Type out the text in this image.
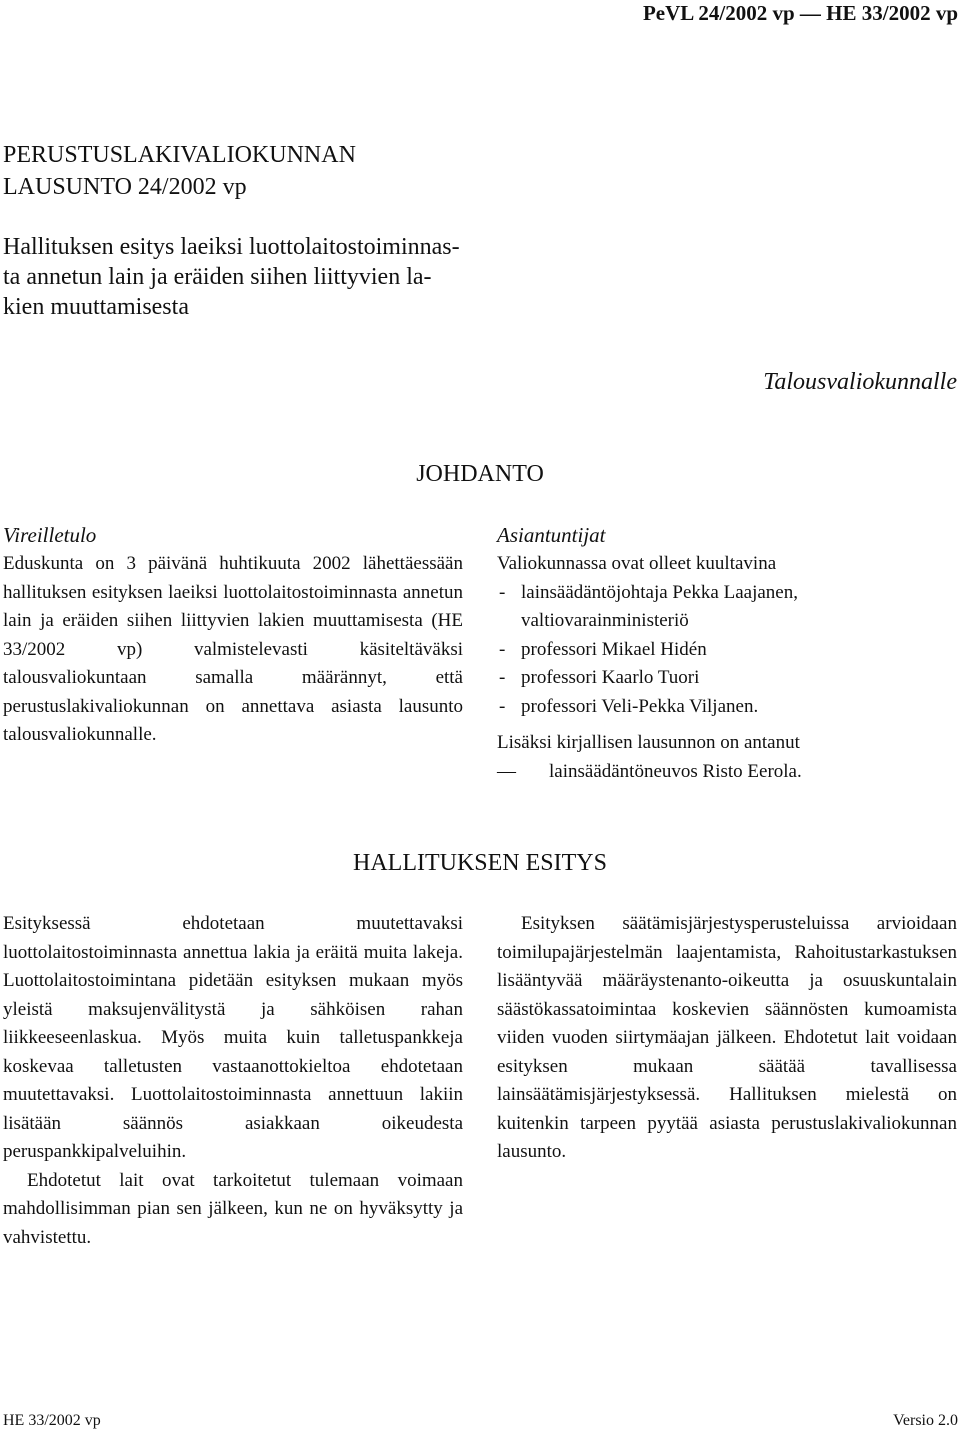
PeVL 24/2002 vp — HE 33/2002 vp
PERUSTUSLAKIVALIOKUNNAN
LAUSUNTO 24/2002 vp
Hallituksen esitys laeiksi luottolaitostoiminnas-
ta annetun lain ja eräiden siihen liittyvien la-
kien muuttamisesta
Talousvaliokunnalle
JOHDANTO

Vireilletulo

Eduskunta on 3 päivänä huhtikuuta 2002 lähettäessään hallituksen esityksen laeiksi luottolaitostoiminnasta annetun lain ja eräiden siihen liittyvien lakien muuttamisesta (HE 33/2002 vp) valmistelevasti käsiteltäväksi talousvaliokuntaan samalla määrännyt, että perustuslakivaliokunnan on annettava asiasta lausunto talousvaliokunnalle.

Asiantuntijat

Valiokunnassa ovat olleet kuultavina

- lainsäädäntöjohtaja Pekka Laajanen, valtiovarainministeriö
- professori Mikael Hidén
- professori Kaarlo Tuori
- professori Veli-Pekka Viljanen.

Lisäksi kirjallisen lausunnon on antanut

—	lainsäädäntöneuvos Risto Eerola.
HALLITUKSEN ESITYS

Esityksessä ehdotetaan muutettavaksi luottolaitostoiminnasta annettua lakia ja eräitä muita lakeja. Luottolaitostoimintana pidetään esityksen mukaan myös yleistä maksujenvälitystä ja sähköisen rahan liikkeeseenlaskua. Myös muita kuin talletuspankkeja koskevaa talletusten vastaanottokieltoa ehdotetaan muutettavaksi. Luottolaitostoiminnasta annettuun lakiin lisätään säännös asiakkaan oikeudesta peruspankkipalveluihin.

Ehdotetut lait ovat tarkoitetut tulemaan voimaan mahdollisimman pian sen jälkeen, kun ne on hyväksytty ja vahvistettu.

Esityksen säätämisjärjestysperusteluissa arvioidaan toimilupajärjestelmän laajentamista, Rahoitustarkastuksen lisääntyvää määräystenanto-oikeutta ja osuuskuntalain säästökassatoimintaa koskevien säännösten kumoamista viiden vuoden siirtymäajan jälkeen. Ehdotetut lait voidaan esityksen mukaan säätää tavallisessa lainsäätämisjärjestyksessä. Hallituksen mielestä on kuitenkin tarpeen pyytää asiasta perustuslakivaliokunnan lausunto.

HE 33/2002 vp	Versio 2.0
